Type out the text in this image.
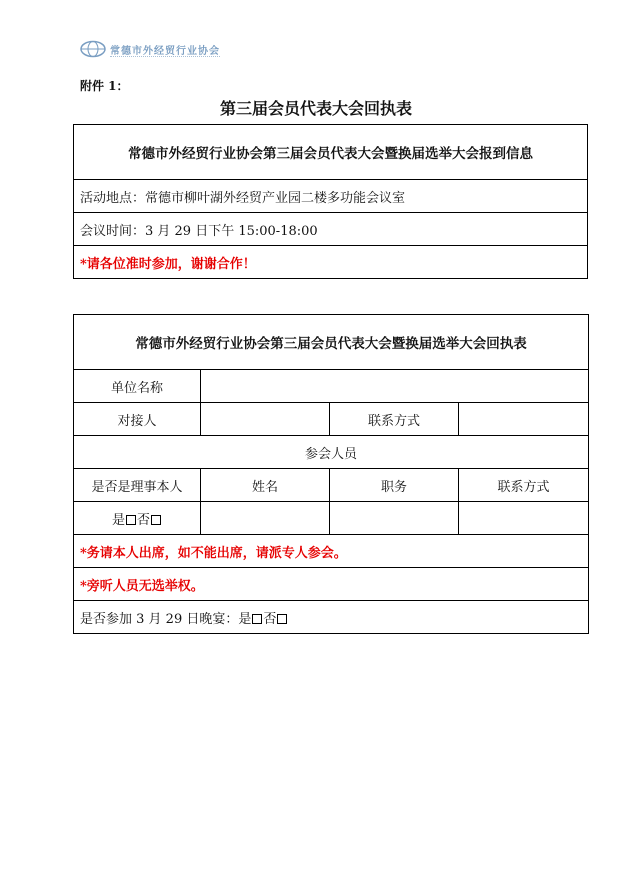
常德市外经贸行业协会
附件 1：
第三届会员代表大会回执表
常德市外经贸行业协会第三届会员代表大会暨换届选举大会报到信息
活动地点：常德市柳叶湖外经贸产业园二楼多功能会议室
会议时间：3 月 29 日下午 15:00-18:00
*请各位准时参加，谢谢合作！
常德市外经贸行业协会第三届会员代表大会暨换届选举大会回执表			
单位名称			
对接人		联系方式	
参会人员			
是否是理事本人	姓名	职务	联系方式
是 否			
*务请本人出席，如不能出席，请派专人参会。			
*旁听人员无选举权。			
是否参加 3 月 29 日晚宴：是 否			
